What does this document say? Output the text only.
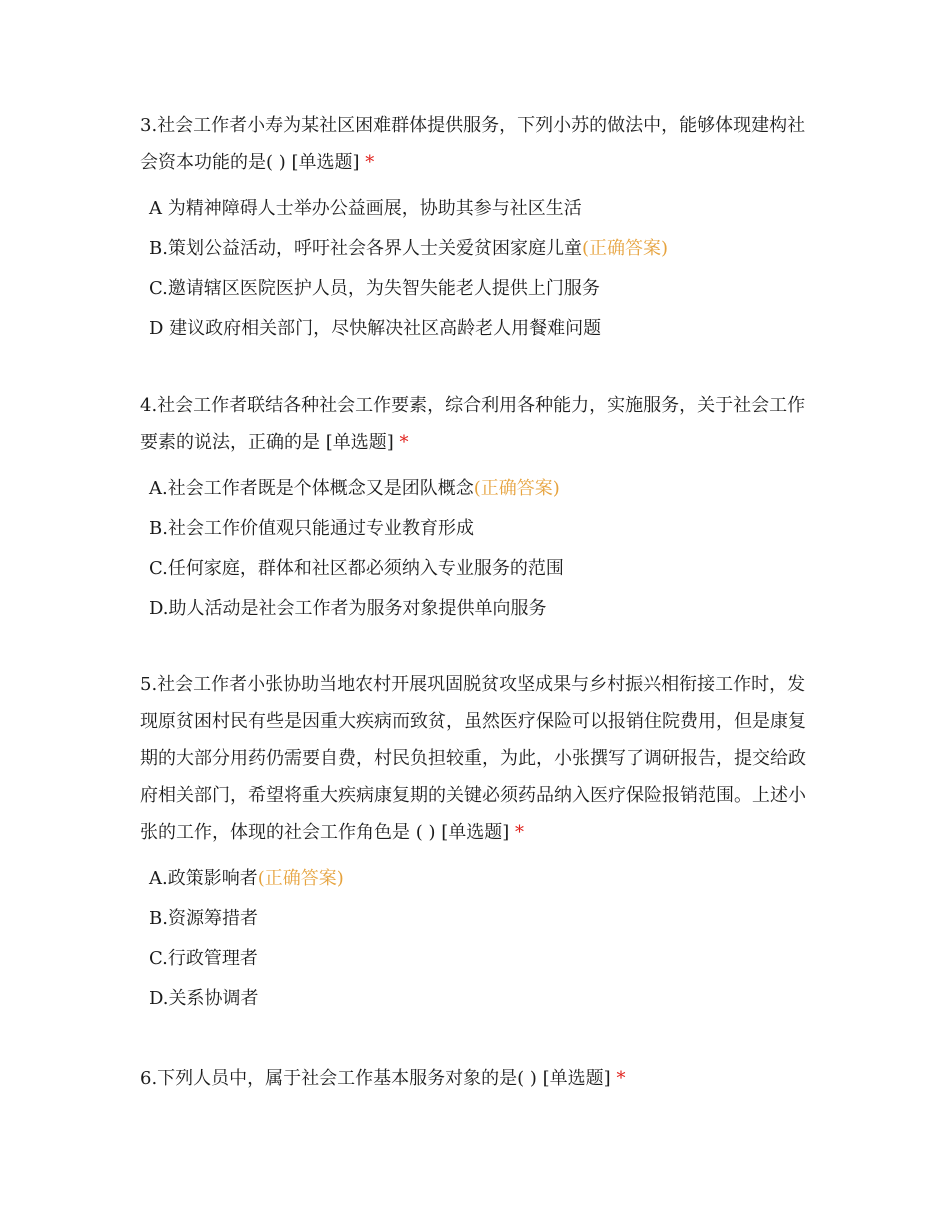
3.社会工作者小寿为某社区困难群体提供服务，下列小苏的做法中，能够体现建构社会资本功能的是( ) [单选题] *

A 为精神障碍人士举办公益画展，协助其参与社区生活
B.策划公益活动，呼吁社会各界人士关爱贫困家庭儿童(正确答案)
C.邀请辖区医院医护人员，为失智失能老人提供上门服务
D 建议政府相关部门，尽快解决社区高龄老人用餐难问题

4.社会工作者联结各种社会工作要素，综合利用各种能力，实施服务，关于社会工作要素的说法，正确的是 [单选题] *

A.社会工作者既是个体概念又是团队概念(正确答案)
B.社会工作价值观只能通过专业教育形成
C.任何家庭，群体和社区都必须纳入专业服务的范围
D.助人活动是社会工作者为服务对象提供单向服务

5.社会工作者小张协助当地农村开展巩固脱贫攻坚成果与乡村振兴相衔接工作时，发现原贫困村民有些是因重大疾病而致贫，虽然医疗保险可以报销住院费用，但是康复期的大部分用药仍需要自费，村民负担较重，为此，小张撰写了调研报告，提交给政府相关部门，希望将重大疾病康复期的关键必须药品纳入医疗保险报销范围。上述小张的工作，体现的社会工作角色是 ( ) [单选题] *

A.政策影响者(正确答案)
B.资源筹措者
C.行政管理者
D.关系协调者

6.下列人员中，属于社会工作基本服务对象的是( ) [单选题] *
